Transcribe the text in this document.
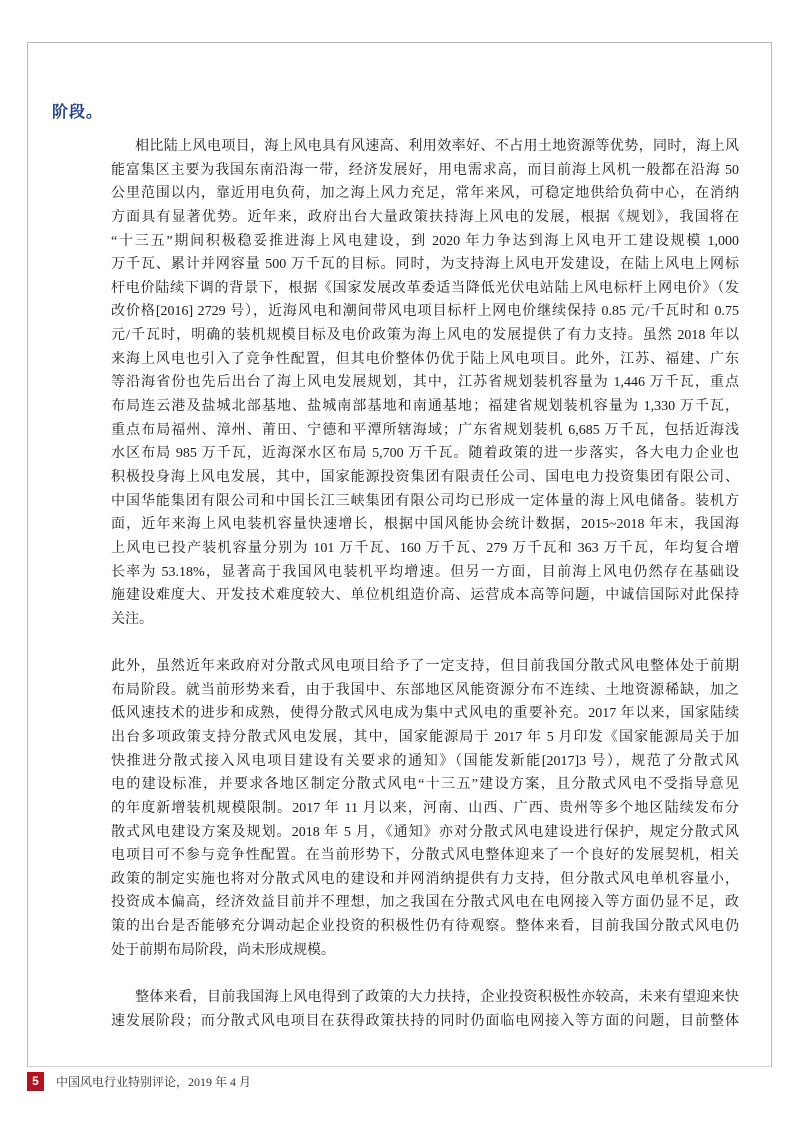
阶段。
相比陆上风电项目，海上风电具有风速高、利用效率好、不占用土地资源等优势，同时，海上风
能富集区主要为我国东南沿海一带，经济发展好，用电需求高，而目前海上风机一般都在沿海 50
公里范围以内，靠近用电负荷，加之海上风力充足，常年来风，可稳定地供给负荷中心，在消纳
方面具有显著优势。近年来，政府出台大量政策扶持海上风电的发展，根据《规划》，我国将在
“十三五”期间积极稳妥推进海上风电建设，到 2020 年力争达到海上风电开工建设规模 1,000
万千瓦、累计并网容量 500 万千瓦的目标。同时，为支持海上风电开发建设，在陆上风电上网标
杆电价陆续下调的背景下，根据《国家发展改革委适当降低光伏电站陆上风电标杆上网电价》（发
改价格[2016] 2729 号），近海风电和潮间带风电项目标杆上网电价继续保持 0.85 元/千瓦时和 0.75
元/千瓦时，明确的装机规模目标及电价政策为海上风电的发展提供了有力支持。虽然 2018 年以
来海上风电也引入了竞争性配置，但其电价整体仍优于陆上风电项目。此外，江苏、福建、广东
等沿海省份也先后出台了海上风电发展规划，其中，江苏省规划装机容量为 1,446 万千瓦，重点
布局连云港及盐城北部基地、盐城南部基地和南通基地；福建省规划装机容量为 1,330 万千瓦，
重点布局福州、漳州、莆田、宁德和平潭所辖海域；广东省规划装机 6,685 万千瓦，包括近海浅
水区布局 985 万千瓦，近海深水区布局 5,700 万千瓦。随着政策的进一步落实，各大电力企业也
积极投身海上风电发展，其中，国家能源投资集团有限责任公司、国电电力投资集团有限公司、
中国华能集团有限公司和中国长江三峡集团有限公司均已形成一定体量的海上风电储备。装机方
面，近年来海上风电装机容量快速增长，根据中国风能协会统计数据，2015~2018 年末，我国海
上风电已投产装机容量分别为 101 万千瓦、160 万千瓦、279 万千瓦和 363 万千瓦，年均复合增
长率为 53.18%，显著高于我国风电装机平均增速。但另一方面，目前海上风电仍然存在基础设
施建设难度大、开发技术难度较大、单位机组造价高、运营成本高等问题，中诚信国际对此保持
关注。
此外，虽然近年来政府对分散式风电项目给予了一定支持，但目前我国分散式风电整体处于前期
布局阶段。就当前形势来看，由于我国中、东部地区风能资源分布不连续、土地资源稀缺，加之
低风速技术的进步和成熟，使得分散式风电成为集中式风电的重要补充。2017 年以来，国家陆续
出台多项政策支持分散式风电发展，其中，国家能源局于 2017 年 5 月印发《国家能源局关于加
快推进分散式接入风电项目建设有关要求的通知》（国能发新能[2017]3 号），规范了分散式风
电的建设标准，并要求各地区制定分散式风电“十三五”建设方案，且分散式风电不受指导意见
的年度新增装机规模限制。2017 年 11 月以来，河南、山西、广西、贵州等多个地区陆续发布分
散式风电建设方案及规划。2018 年 5 月，《通知》亦对分散式风电建设进行保护，规定分散式风
电项目可不参与竞争性配置。在当前形势下，分散式风电整体迎来了一个良好的发展契机，相关
政策的制定实施也将对分散式风电的建设和并网消纳提供有力支持，但分散式风电单机容量小，
投资成本偏高，经济效益目前并不理想，加之我国在分散式风电在电网接入等方面仍显不足，政
策的出台是否能够充分调动起企业投资的积极性仍有待观察。整体来看，目前我国分散式风电仍
处于前期布局阶段，尚未形成规模。
整体来看，目前我国海上风电得到了政策的大力扶持，企业投资积极性亦较高，未来有望迎来快
速发展阶段；而分散式风电项目在获得政策扶持的同时仍面临电网接入等方面的问题，目前整体
5	中国风电行业特别评论，2019 年 4 月
